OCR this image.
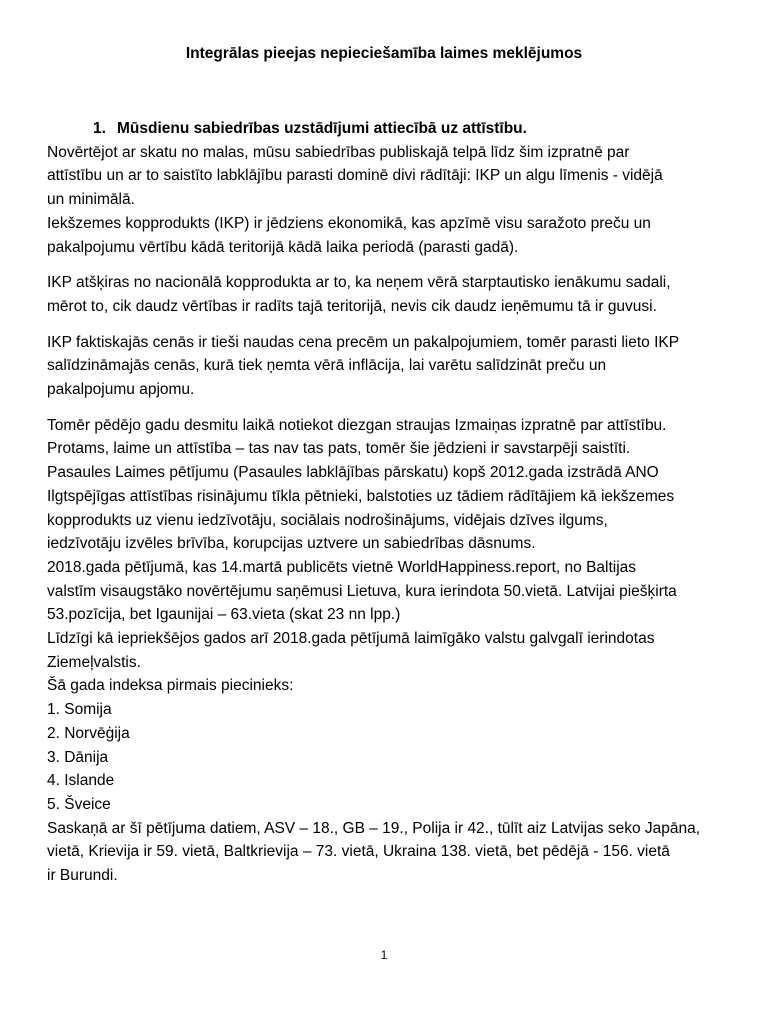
Integrālas pieejas nepieciešamība laimes meklējumos
1. Mūsdienu sabiedrības uzstādījumi attiecībā uz attīstību.
Novērtējot ar skatu no malas, mūsu sabiedrības publiskajā telpā līdz šim izpratnē par
attīstību un ar to saistīto labklājību parasti dominē divi rādītāji: IKP un algu līmenis - vidējā
un minimālā.
Iekšzemes kopprodukts (IKP) ir jēdziens ekonomikā, kas apzīmē visu saražoto preču un
pakalpojumu vērtību kādā teritorijā kādā laika periodā (parasti gadā).
IKP atšķiras no nacionālā kopprodukta ar to, ka neņem vērā starptautisko ienākumu sadali,
mērot to, cik daudz vērtības ir radīts tajā teritorijā, nevis cik daudz ieņēmumu tā ir guvusi.
IKP faktiskajās cenās ir tieši naudas cena precēm un pakalpojumiem, tomēr parasti lieto IKP
salīdzināmajās cenās, kurā tiek ņemta vērā inflācija, lai varētu salīdzināt preču un
pakalpojumu apjomu.
Tomēr pēdējo gadu desmitu laikā notiekot diezgan straujas Izmaiņas izpratnē par attīstību.
Protams, laime un attīstība – tas nav tas pats, tomēr šie jēdzieni ir savstarpēji saistīti.
Pasaules Laimes pētījumu (Pasaules labklājības pārskatu) kopš 2012.gada izstrādā ANO
Ilgtspējīgas attīstības risinājumu tīkla pētnieki, balstoties uz tādiem rādītājiem kā iekšzemes
kopprodukts uz vienu iedzīvotāju, sociālais nodrošinājums, vidējais dzīves ilgums,
iedzīvotāju izvēles brīvība, korupcijas uztvere un sabiedrības dāsnums.
2018.gada pētījumā, kas 14.martā publicēts vietnē WorldHappiness.report, no Baltijas
valstīm visaugstāko novērtējumu saņēmusi Lietuva, kura ierindota 50.vietā. Latvijai piešķirta
53.pozīcija, bet Igaunijai – 63.vieta (skat 23 nn lpp.)
Līdzīgi kā iepriekšējos gados arī 2018.gada pētījumā laimīgāko valstu galvgalī ierindotas
Ziemeļvalstis.
Šā gada indeksa pirmais piecinieks:
1. Somija
2. Norvēģija
3. Dānija
4. Islande
5. Šveice
Saskaņā ar šī pētījuma datiem, ASV – 18., GB – 19., Polija ir 42., tūlīt aiz Latvijas seko Japāna,
vietā, Krievija ir 59. vietā, Baltkrievija – 73. vietā, Ukraina 138. vietā, bet pēdējā - 156. vietā
ir Burundi.
1
